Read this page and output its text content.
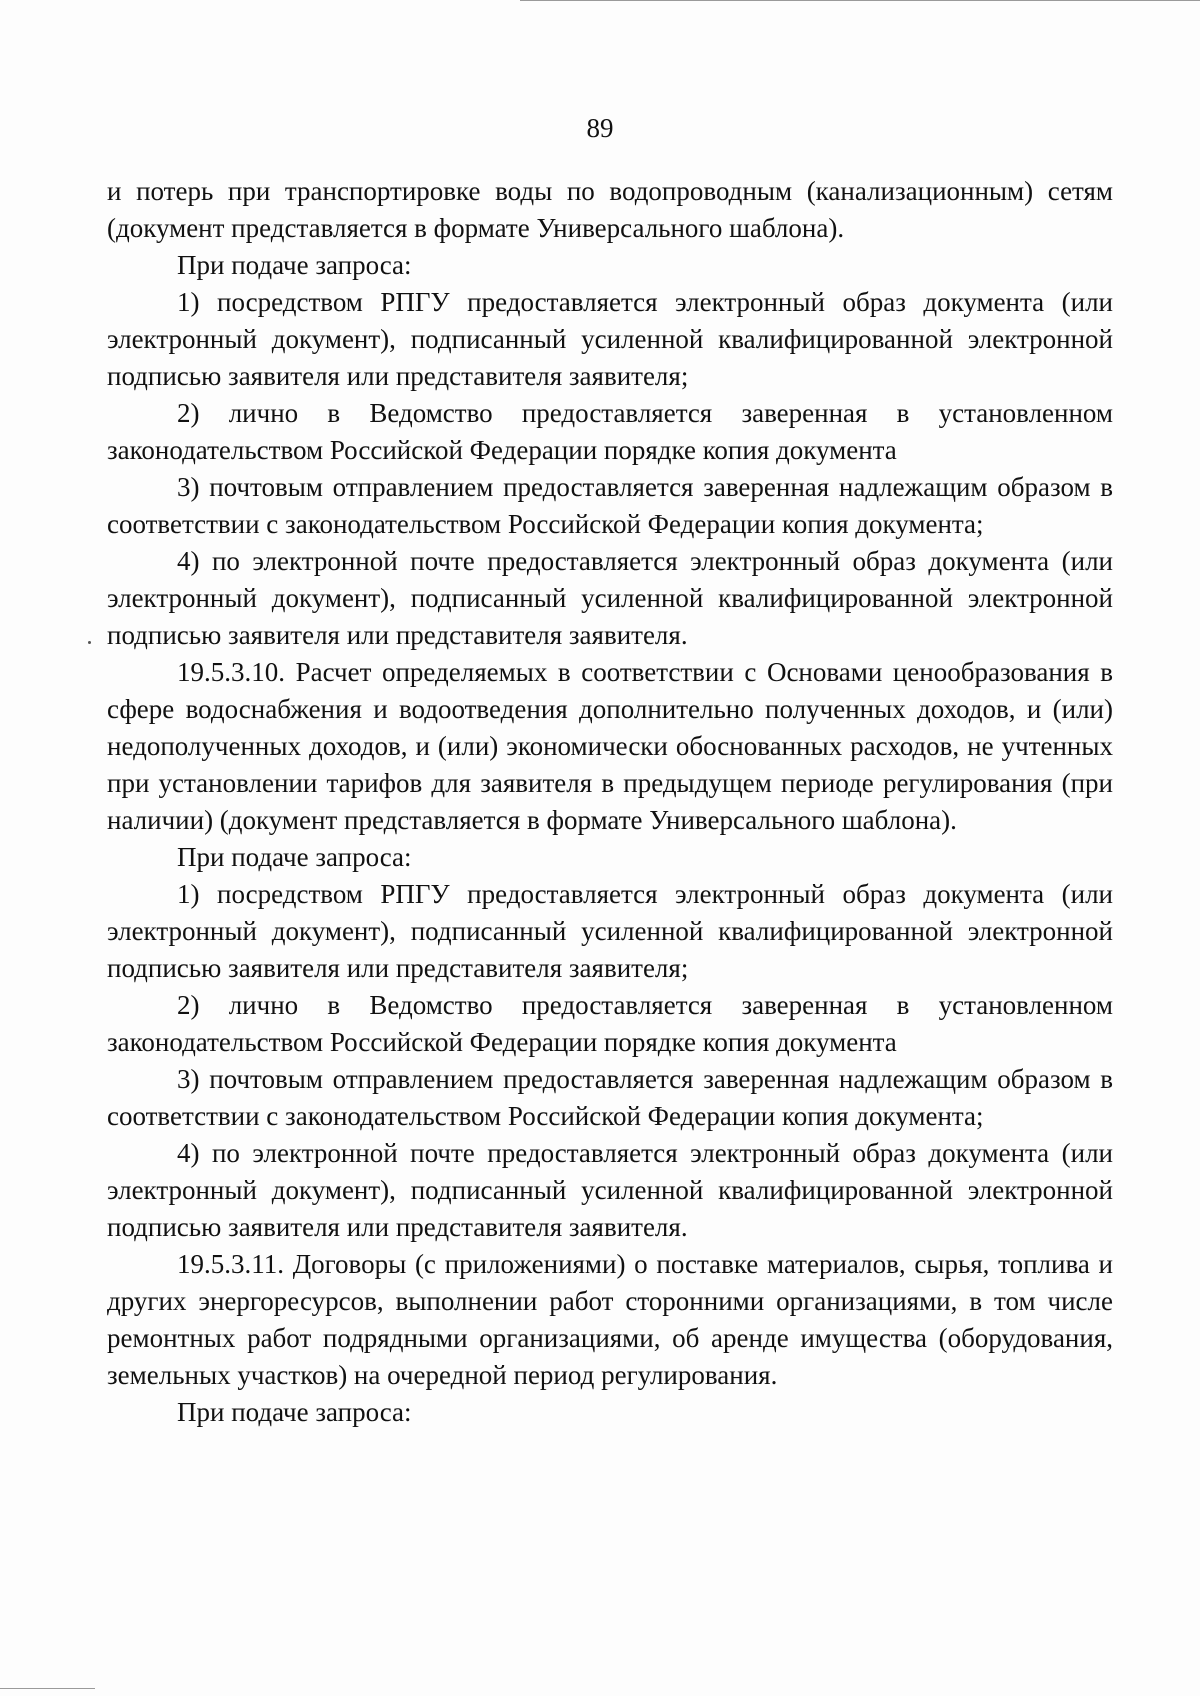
89

и потерь при транспортировке воды по водопроводным (канализационным) сетям (документ представляется в формате Универсального шаблона).

При подаче запроса:

1) посредством РПГУ предоставляется электронный образ документа (или электронный документ), подписанный усиленной квалифицированной электронной подписью заявителя или представителя заявителя;

2) лично в Ведомство предоставляется заверенная в установленном законодательством Российской Федерации порядке копия документа

3) почтовым отправлением предоставляется заверенная надлежащим образом в соответствии с законодательством Российской Федерации копия документа;

4) по электронной почте предоставляется электронный образ документа (или электронный документ), подписанный усиленной квалифицированной электронной подписью заявителя или представителя заявителя.

19.5.3.10. Расчет определяемых в соответствии с Основами ценообразования в сфере водоснабжения и водоотведения дополнительно полученных доходов, и (или) недополученных доходов, и (или) экономически обоснованных расходов, не учтенных при установлении тарифов для заявителя в предыдущем периоде регулирования (при наличии) (документ представляется в формате Универсального шаблона).

При подаче запроса:

1) посредством РПГУ предоставляется электронный образ документа (или электронный документ), подписанный усиленной квалифицированной электронной подписью заявителя или представителя заявителя;

2) лично в Ведомство предоставляется заверенная в установленном законодательством Российской Федерации порядке копия документа

3) почтовым отправлением предоставляется заверенная надлежащим образом в соответствии с законодательством Российской Федерации копия документа;

4) по электронной почте предоставляется электронный образ документа (или электронный документ), подписанный усиленной квалифицированной электронной подписью заявителя или представителя заявителя.

19.5.3.11. Договоры (с приложениями) о поставке материалов, сырья, топлива и других энергоресурсов, выполнении работ сторонними организациями, в том числе ремонтных работ подрядными организациями, об аренде имущества (оборудования, земельных участков) на очередной период регулирования.

При подаче запроса:
